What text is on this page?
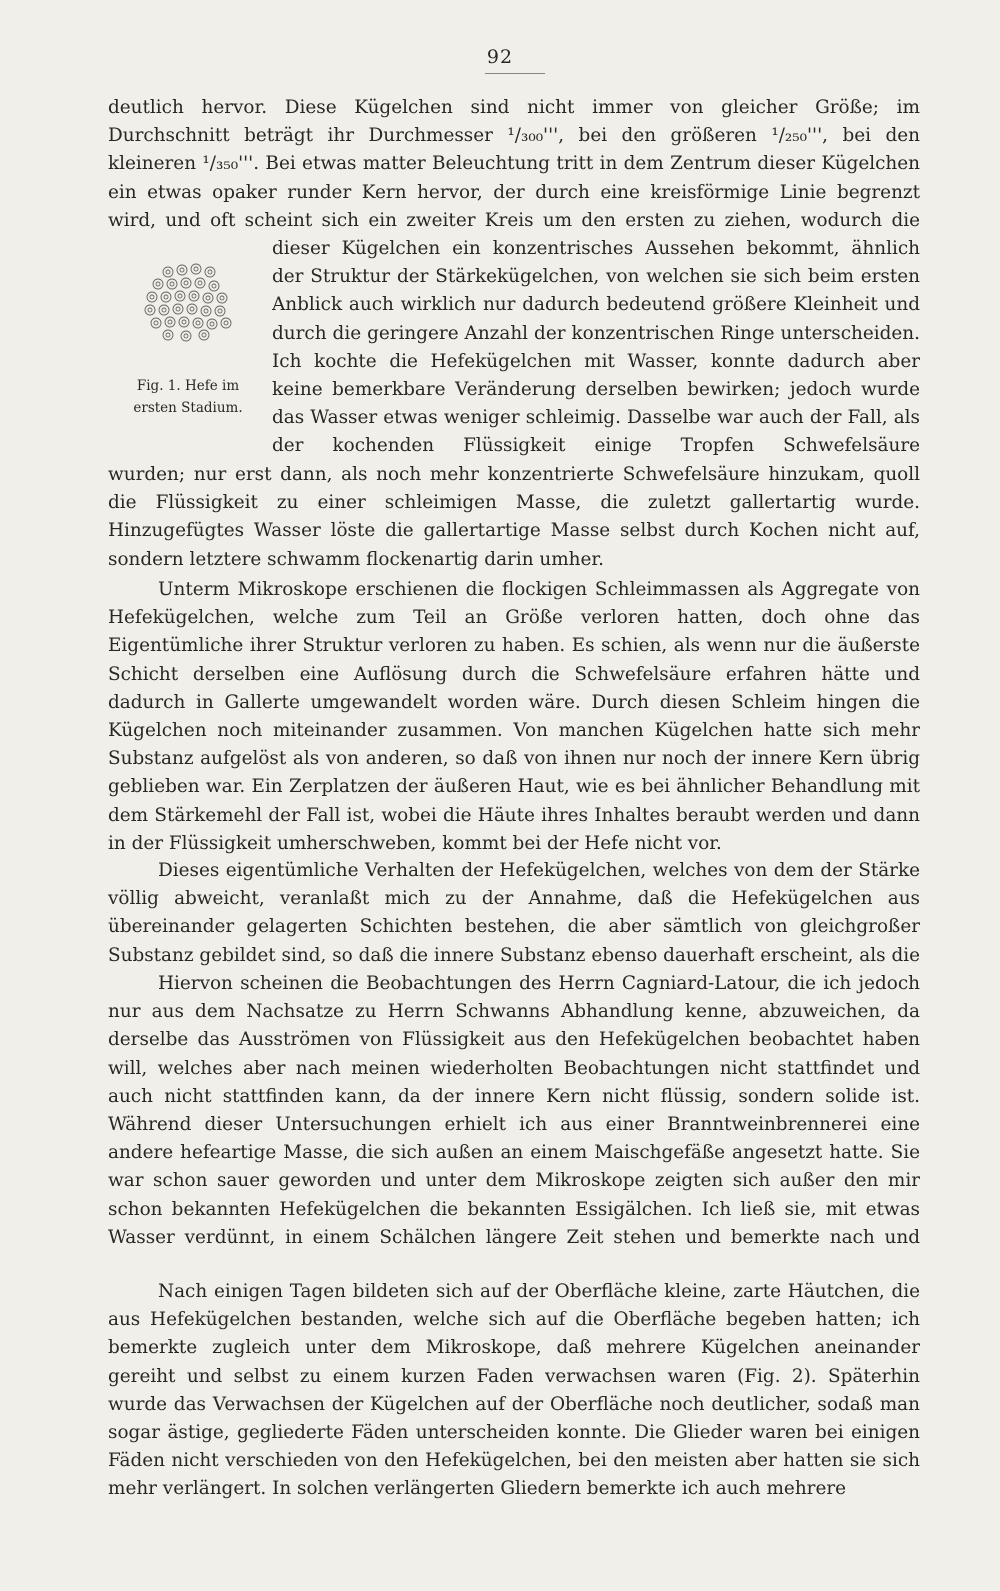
92

deutlich hervor. Diese Kügelchen sind nicht immer von gleicher Größe; im Durchschnitt beträgt ihr Durchmesser ¹/₃₀₀''', bei den größeren ¹/₂₅₀''', bei den kleineren ¹/₃₅₀'''. Bei etwas matter Beleuchtung tritt in dem Zentrum dieser Kügelchen ein etwas opaker runder Kern hervor, der durch eine kreisförmige Linie begrenzt wird, und oft scheint sich ein zweiter Kreis um den ersten zu ziehen, wodurch die

Fig. 1. Hefe im
ersten Stadium.

dieser Kügelchen ein konzentrisches Aussehen bekommt, ähnlich der Struktur der Stärkekügelchen, von welchen sie sich beim ersten Anblick auch wirklich nur dadurch bedeutend größere Kleinheit und durch die geringere Anzahl der konzentrischen Ringe unterscheiden. Ich kochte die Hefekügelchen mit Wasser, konnte dadurch aber keine bemerkbare Veränderung derselben bewirken; jedoch wurde das Wasser etwas weniger schleimig. Dasselbe war auch der Fall, als der kochenden Flüssigkeit einige Tropfen Schwefelsäure

wurden; nur erst dann, als noch mehr konzentrierte Schwefelsäure hinzukam, quoll die Flüssigkeit zu einer schleimigen Masse, die zuletzt gallertartig wurde. Hinzugefügtes Wasser löste die gallertartige Masse selbst durch Kochen nicht auf, sondern letztere schwamm flockenartig darin umher.

Unterm Mikroskope erschienen die flockigen Schleimmassen als Aggregate von Hefekügelchen, welche zum Teil an Größe verloren hatten, doch ohne das Eigentümliche ihrer Struktur verloren zu haben. Es schien, als wenn nur die äußerste Schicht derselben eine Auflösung durch die Schwefelsäure erfahren hätte und dadurch in Gallerte umgewandelt worden wäre. Durch diesen Schleim hingen die Kügelchen noch miteinander zusammen. Von manchen Kügelchen hatte sich mehr Substanz aufgelöst als von anderen, so daß von ihnen nur noch der innere Kern übrig geblieben war. Ein Zerplatzen der äußeren Haut, wie es bei ähnlicher Behandlung mit dem Stärkemehl der Fall ist, wobei die Häute ihres Inhaltes beraubt werden und dann in der Flüssigkeit umherschweben, kommt bei der Hefe nicht vor.

Dieses eigentümliche Verhalten der Hefekügelchen, welches von dem der Stärke völlig abweicht, veranlaßt mich zu der Annahme, daß die Hefekügelchen aus übereinander gelagerten Schichten bestehen, die aber sämtlich von gleichgroßer Substanz gebildet sind, so daß die innere Substanz ebenso dauerhaft erscheint, als die

Hiervon scheinen die Beobachtungen des Herrn Cagniard-Latour, die ich jedoch nur aus dem Nachsatze zu Herrn Schwanns Abhandlung kenne, abzuweichen, da derselbe das Ausströmen von Flüssigkeit aus den Hefekügelchen beobachtet haben will, welches aber nach meinen wiederholten Beobachtungen nicht stattfindet und auch nicht stattfinden kann, da der innere Kern nicht flüssig, sondern solide ist. Während dieser Untersuchungen erhielt ich aus einer Branntweinbrennerei eine andere hefeartige Masse, die sich außen an einem Maischgefäße angesetzt hatte. Sie war schon sauer geworden und unter dem Mikroskope zeigten sich außer den mir schon bekannten Hefekügelchen die bekannten Essigälchen. Ich ließ sie, mit etwas Wasser verdünnt, in einem Schälchen längere Zeit stehen und bemerkte nach und

Nach einigen Tagen bildeten sich auf der Oberfläche kleine, zarte Häutchen, die aus Hefekügelchen bestanden, welche sich auf die Oberfläche begeben hatten; ich bemerkte zugleich unter dem Mikroskope, daß mehrere Kügelchen aneinander gereiht und selbst zu einem kurzen Faden verwachsen waren (Fig. 2). Späterhin wurde das Verwachsen der Kügelchen auf der Oberfläche noch deutlicher, sodaß man sogar ästige, gegliederte Fäden unterscheiden konnte. Die Glieder waren bei einigen Fäden nicht verschieden von den Hefekügelchen, bei den meisten aber hatten sie sich mehr verlängert. In solchen verlängerten Gliedern bemerkte ich auch mehrere
